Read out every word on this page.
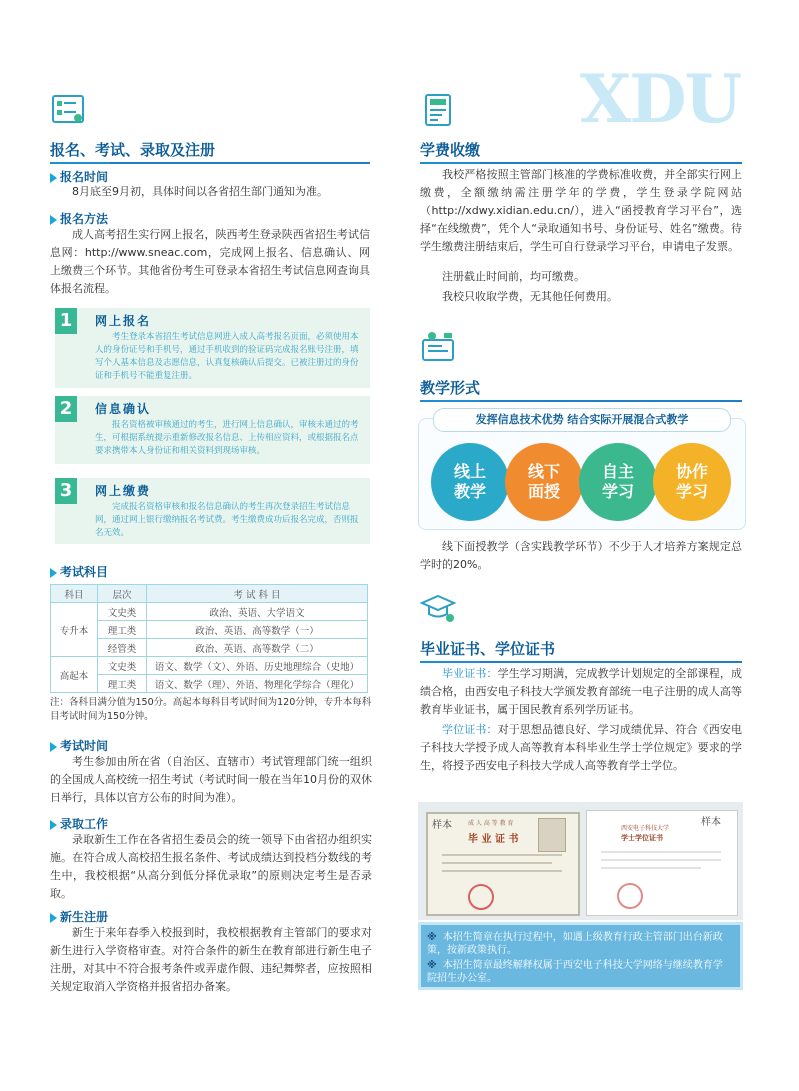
XDU
报名、考试、录取及注册
报名时间
8月底至9月初，具体时间以各省招生部门通知为准。
报名方法
成人高考招生实行网上报名，陕西考生登录陕西省招生考试信息网：http://www.sneac.com，完成网上报名、信息确认、网上缴费三个环节。其他省份考生可登录本省招生考试信息网查询具体报名流程。
1	网上报名
考生登录本省招生考试信息网进入成人高考报名页面，必须使用本人的身份证号和手机号，通过手机收到的验证码完成报名账号注册，填写个人基本信息及志愿信息，认真复核确认后提交。已被注册过的身份证和手机号不能重复注册。
2	信息确认
报名资格被审核通过的考生，进行网上信息确认，审核未通过的考生，可根据系统提示重新修改报名信息、上传相应资料，或根据报名点要求携带本人身份证和相关资料到现场审核。
3	网上缴费
完成报名资格审核和报名信息确认的考生再次登录招生考试信息网，通过网上银行缴纳报名考试费。考生缴费成功后报名完成，否则报名无效。
考试科目
科目	层次	考 试 科 目
专升本	文史类	政治、英语、大学语文
	理工类	政治、英语、高等数学（一）
	经管类	政治、英语、高等数学（二）
高起本	文史类	语文、数学（文）、外语、历史地理综合（史地）
	理工类	语文、数学（理）、外语、物理化学综合（理化）
注：各科目满分值为150分。高起本每科目考试时间为120分钟，专升本每科目考试时间为150分钟。
考试时间
考生参加由所在省（自治区、直辖市）考试管理部门统一组织的全国成人高校统一招生考试（考试时间一般在当年10月份的双休日举行，具体以官方公布的时间为准）。
录取工作
录取新生工作在各省招生委员会的统一领导下由省招办组织实施。在符合成人高校招生报名条件、考试成绩达到投档分数线的考生中，我校根据“从高分到低分择优录取”的原则决定考生是否录取。
新生注册
新生于来年春季入校报到时，我校根据教育主管部门的要求对新生进行入学资格审查。对符合条件的新生在教育部进行新生电子注册，对其中不符合报考条件或弄虚作假、违纪舞弊者，应按照相关规定取消入学资格并报省招办备案。
学费收缴
我校严格按照主管部门核准的学费标准收费，并全部实行网上缴费，全额缴纳需注册学年的学费，学生登录学院网站（http://xdwy.xidian.edu.cn/），进入“函授教育学习平台”，选择“在线缴费”，凭个人“录取通知书号、身份证号、姓名”缴费。待学生缴费注册结束后，学生可自行登录学习平台，申请电子发票。
注册截止时间前，均可缴费。
我校只收取学费，无其他任何费用。
教学形式
线上
教学
线下
面授
自主
学习
协作
学习
发挥信息技术优势 结合实际开展混合式教学
线下面授教学（含实践教学环节）不少于人才培养方案规定总学时的20%。
毕业证书、学位证书
毕业证书：学生学习期满，完成教学计划规定的全部课程，成绩合格，由西安电子科技大学颁发教育部统一电子注册的成人高等教育毕业证书，属于国民教育系列学历证书。
学位证书：对于思想品德良好、学习成绩优异、符合《西安电子科技大学授予成人高等教育本科毕业生学士学位规定》要求的学生，将授予西安电子科技大学成人高等教育学士学位。
样本	成 人 高 等 教 育
毕 业 证 书
样本
西安电子科技大学
学士学位证书
※ 本招生简章在执行过程中，如遇上级教育行政主管部门出台新政策，按新政策执行。
※ 本招生简章最终解释权属于西安电子科技大学网络与继续教育学院招生办公室。
